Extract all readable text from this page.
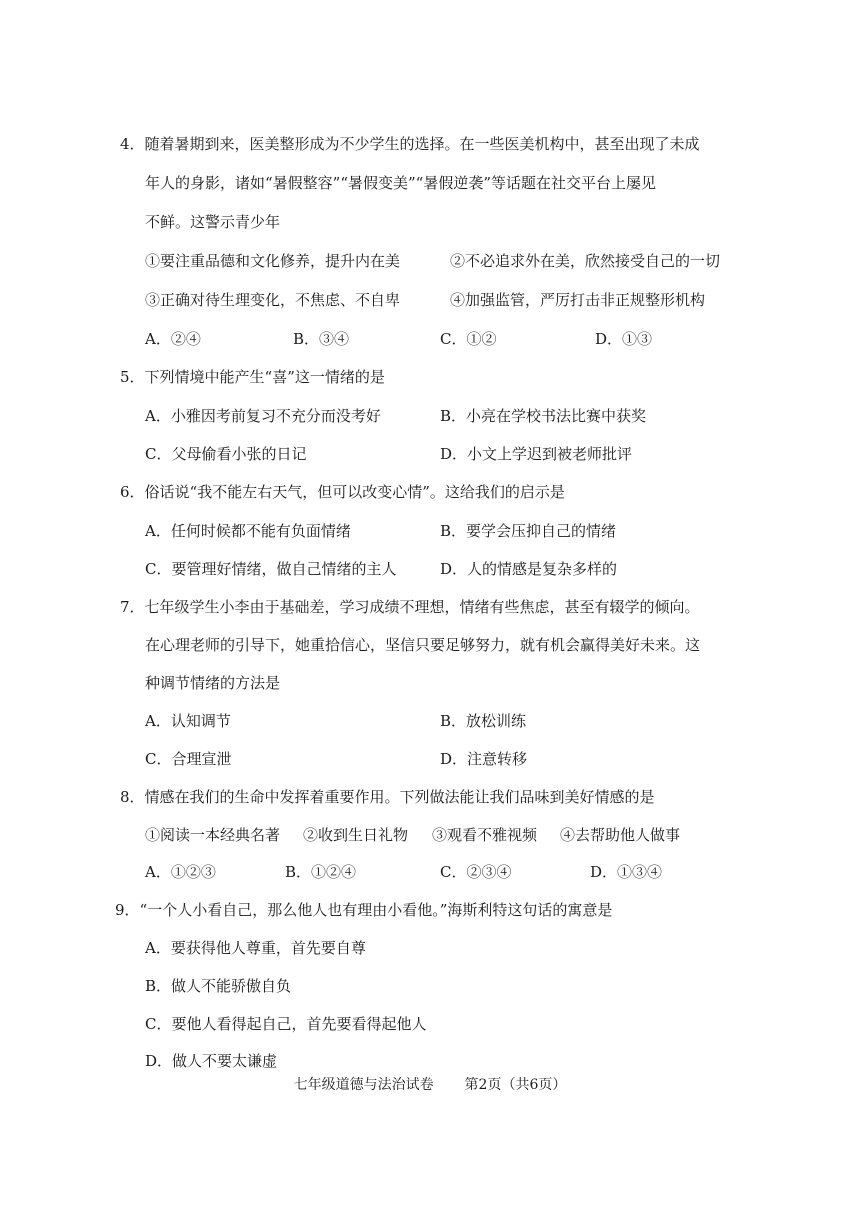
4．随着暑期到来，医美整形成为不少学生的选择。在一些医美机构中，甚至出现了未成
年人的身影，诸如“暑假整容”“暑假变美”“暑假逆袭”等话题在社交平台上屡见
不鲜。这警示青少年
①要注重品德和文化修养，提升内在美	②不必追求外在美，欣然接受自己的一切
③正确对待生理变化，不焦虑、不自卑	④加强监管，严厉打击非正规整形机构
A．②④	B．③④	C．①②	D．①③
5．下列情境中能产生“喜”这一情绪的是
A．小雅因考前复习不充分而没考好	B．小亮在学校书法比赛中获奖
C．父母偷看小张的日记	D．小文上学迟到被老师批评
6．俗话说“我不能左右天气，但可以改变心情”。这给我们的启示是
A．任何时候都不能有负面情绪	B．要学会压抑自己的情绪
C．要管理好情绪，做自己情绪的主人	D．人的情感是复杂多样的
7．七年级学生小李由于基础差，学习成绩不理想，情绪有些焦虑，甚至有辍学的倾向。
在心理老师的引导下，她重拾信心，坚信只要足够努力，就有机会赢得美好未来。这
种调节情绪的方法是
A．认知调节	B．放松训练
C．合理宣泄	D．注意转移
8．情感在我们的生命中发挥着重要作用。下列做法能让我们品味到美好情感的是
①阅读一本经典名著 ②收到生日礼物 ③观看不雅视频 ④去帮助他人做事
A．①②③	B．①②④	C．②③④	D．①③④
9．“一个人小看自己，那么他人也有理由小看他。”海斯利特这句话的寓意是
A．要获得他人尊重，首先要自尊
B．做人不能骄傲自负
C．要他人看得起自己，首先要看得起他人
D．做人不要太谦虚
七年级道德与法治试卷 第2页（共6页）
